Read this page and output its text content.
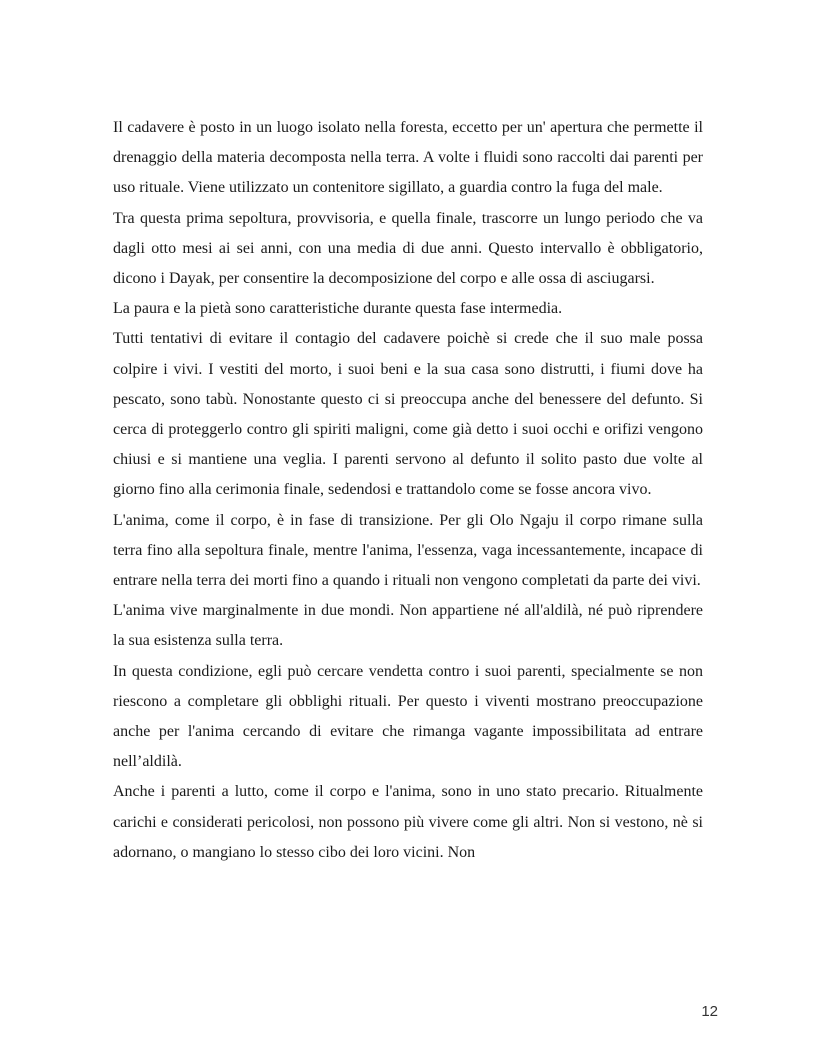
Il cadavere è posto in un luogo isolato nella foresta, eccetto per un' apertura che permette il drenaggio della materia decomposta nella terra. A volte i fluidi sono raccolti dai parenti per uso rituale. Viene utilizzato un contenitore sigillato, a guardia contro la fuga del male.

Tra questa prima sepoltura, provvisoria, e quella finale, trascorre un lungo periodo che va dagli otto mesi ai sei anni, con una media di due anni. Questo intervallo è obbligatorio, dicono i Dayak, per consentire la decomposizione del corpo e alle ossa di asciugarsi.

La paura e la pietà sono caratteristiche durante questa fase intermedia.

Tutti tentativi di evitare il contagio del cadavere poichè si crede che il suo male possa colpire i vivi. I vestiti del morto, i suoi beni e la sua casa sono distrutti, i fiumi dove ha pescato, sono tabù. Nonostante questo ci si preoccupa anche del benessere del defunto. Si cerca di proteggerlo contro gli spiriti maligni, come già detto i suoi occhi e orifizi vengono chiusi e si mantiene una veglia. I parenti servono al defunto il solito pasto due volte al giorno fino alla cerimonia finale, sedendosi e trattandolo come se fosse ancora vivo.

L'anima, come il corpo, è in fase di transizione. Per gli Olo Ngaju il corpo rimane sulla terra fino alla sepoltura finale, mentre l'anima, l'essenza, vaga incessantemente, incapace di entrare nella terra dei morti fino a quando i rituali non vengono completati da parte dei vivi.

L'anima vive marginalmente in due mondi. Non appartiene né all'aldilà, né può riprendere la sua esistenza sulla terra.

In questa condizione, egli può cercare vendetta contro i suoi parenti, specialmente se non riescono a completare gli obblighi rituali. Per questo i viventi mostrano preoccupazione anche per l'anima cercando di evitare che rimanga vagante impossibilitata ad entrare nell’aldilà.

Anche i parenti a lutto, come il corpo e l'anima, sono in uno stato precario. Ritualmente carichi e considerati pericolosi, non possono più vivere come gli altri. Non si vestono, nè si adornano, o mangiano lo stesso cibo dei loro vicini. Non

12
